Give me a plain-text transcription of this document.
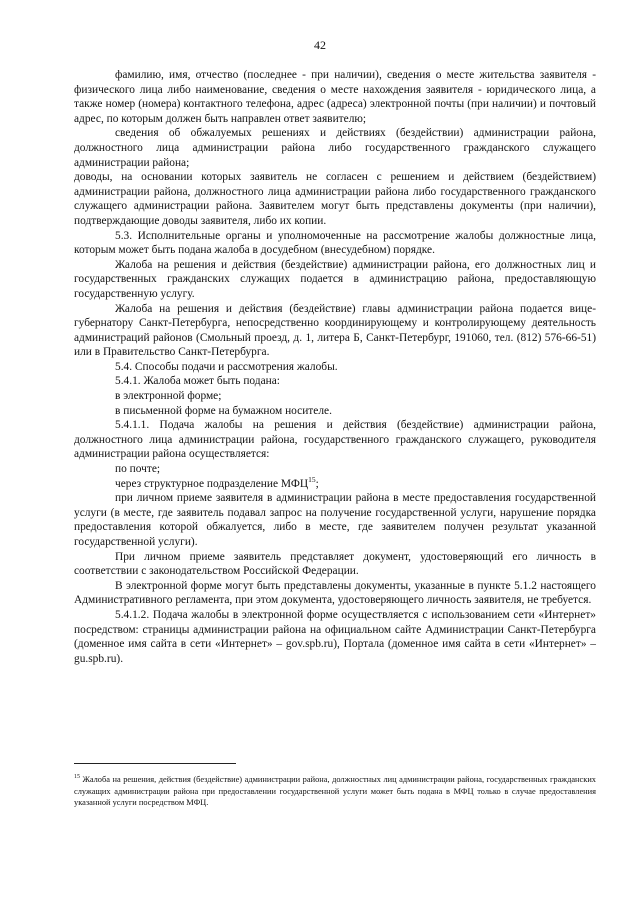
42

фамилию, имя, отчество (последнее - при наличии), сведения о месте жительства заявителя - физического лица либо наименование, сведения о месте нахождения заявителя - юридического лица, а также номер (номера) контактного телефона, адрес (адреса) электронной почты (при наличии) и почтовый адрес, по которым должен быть направлен ответ заявителю;

сведения об обжалуемых решениях и действиях (бездействии) администрации района, должностного лица администрации района либо государственного гражданского служащего администрации района;

доводы, на основании которых заявитель не согласен с решением и действием (бездействием) администрации района, должностного лица администрации района либо государственного гражданского служащего администрации района. Заявителем могут быть представлены документы (при наличии), подтверждающие доводы заявителя, либо их копии.

5.3. Исполнительные органы и уполномоченные на рассмотрение жалобы должностные лица, которым может быть подана жалоба в досудебном (внесудебном) порядке.

Жалоба на решения и действия (бездействие) администрации района, его должностных лиц и государственных гражданских служащих подается в администрацию района, предоставляющую государственную услугу.

Жалоба на решения и действия (бездействие) главы администрации района подается вице-губернатору Санкт-Петербурга, непосредственно координирующему и контролирующему деятельность администраций районов (Смольный проезд, д. 1, литера Б, Санкт-Петербург, 191060, тел. (812) 576-66-51) или в Правительство Санкт-Петербурга.

5.4. Способы подачи и рассмотрения жалобы.

5.4.1. Жалоба может быть подана:

в электронной форме;

в письменной форме на бумажном носителе.

5.4.1.1. Подача жалобы на решения и действия (бездействие) администрации района, должностного лица администрации района, государственного гражданского служащего, руководителя администрации района осуществляется:

по почте;

через структурное подразделение МФЦ$^{15}$;

при личном приеме заявителя в администрации района в месте предоставления государственной услуги (в месте, где заявитель подавал запрос на получение государственной услуги, нарушение порядка предоставления которой обжалуется, либо в месте, где заявителем получен результат указанной государственной услуги).

При личном приеме заявитель представляет документ, удостоверяющий его личность в соответствии с законодательством Российской Федерации.

В электронной форме могут быть представлены документы, указанные в пункте 5.1.2 настоящего Административного регламента, при этом документа, удостоверяющего личность заявителя, не требуется.

5.4.1.2. Подача жалобы в электронной форме осуществляется с использованием сети «Интернет» посредством: страницы администрации района на официальном сайте Администрации Санкт-Петербурга (доменное имя сайта в сети «Интернет» – gov.spb.ru), Портала (доменное имя сайта в сети «Интернет» – gu.spb.ru).

$^{15}$ Жалоба на решения, действия (бездействие) администрации района, должностных лиц администрации района, государственных гражданских служащих администрации района при предоставлении государственной услуги может быть подана в МФЦ только в случае предоставления указанной услуги посредством МФЦ.
